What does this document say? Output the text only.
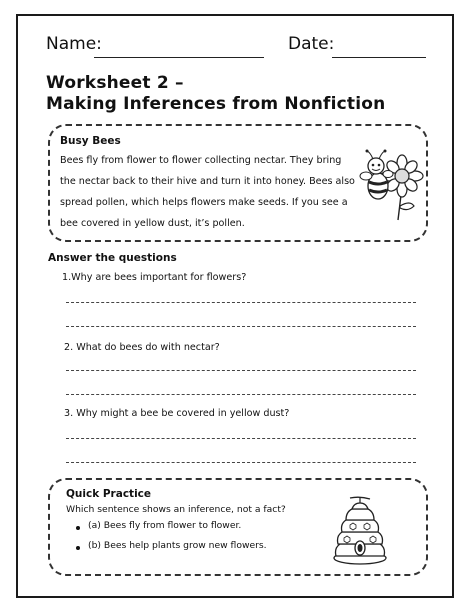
Name:	Date:
Worksheet 2 –
Making Inferences from Nonfiction
Busy Bees
Bees fly from flower to flower collecting nectar. They bring
the nectar back to their hive and turn it into honey. Bees also
spread pollen, which helps flowers make seeds. If you see a
bee covered in yellow dust, it’s pollen.
Answer the questions
1.Why are bees important for flowers?
2. What do bees do with nectar?
3. Why might a bee be covered in yellow dust?
Quick Practice
Which sentence shows an inference, not a fact?
(a) Bees fly from flower to flower.
(b) Bees help plants grow new flowers.
